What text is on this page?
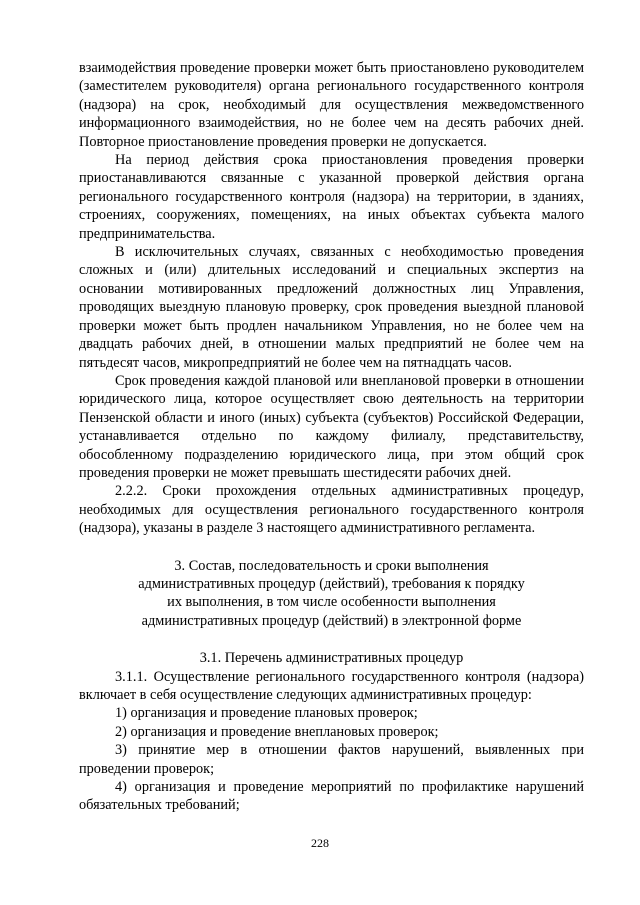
взаимодействия проведение проверки может быть приостановлено руководителем (заместителем руководителя) органа регионального государственного контроля (надзора) на срок, необходимый для осуществления межведомственного информационного взаимодействия, но не более чем на десять рабочих дней. Повторное приостановление проведения проверки не допускается.

На период действия срока приостановления проведения проверки приостанавливаются связанные с указанной проверкой действия органа регионального государственного контроля (надзора) на территории, в зданиях, строениях, сооружениях, помещениях, на иных объектах субъекта малого предпринимательства.

В исключительных случаях, связанных с необходимостью проведения сложных и (или) длительных исследований и специальных экспертиз на основании мотивированных предложений должностных лиц Управления, проводящих выездную плановую проверку, срок проведения выездной плановой проверки может быть продлен начальником Управления, но не более чем на двадцать рабочих дней, в отношении малых предприятий не более чем на пятьдесят часов, микропредприятий не более чем на пятнадцать часов.

Срок проведения каждой плановой или внеплановой проверки в отношении юридического лица, которое осуществляет свою деятельность на территории Пензенской области и иного (иных) субъекта (субъектов) Российской Федерации, устанавливается отдельно по каждому филиалу, представительству, обособленному подразделению юридического лица, при этом общий срок проведения проверки не может превышать шестидесяти рабочих дней.

2.2.2. Сроки прохождения отдельных административных процедур, необходимых для осуществления регионального государственного контроля (надзора), указаны в разделе 3 настоящего административного регламента.

3. Состав, последовательность и сроки выполнения

административных процедур (действий), требования к порядку

их выполнения, в том числе особенности выполнения

административных процедур (действий) в электронной форме

3.1. Перечень административных процедур

3.1.1. Осуществление регионального государственного контроля (надзора) включает в себя осуществление следующих административных процедур:

1) организация и проведение плановых проверок;

2) организация и проведение внеплановых проверок;

3) принятие мер в отношении фактов нарушений, выявленных при проведении проверок;

4) организация и проведение мероприятий по профилактике нарушений обязательных требований;

228
